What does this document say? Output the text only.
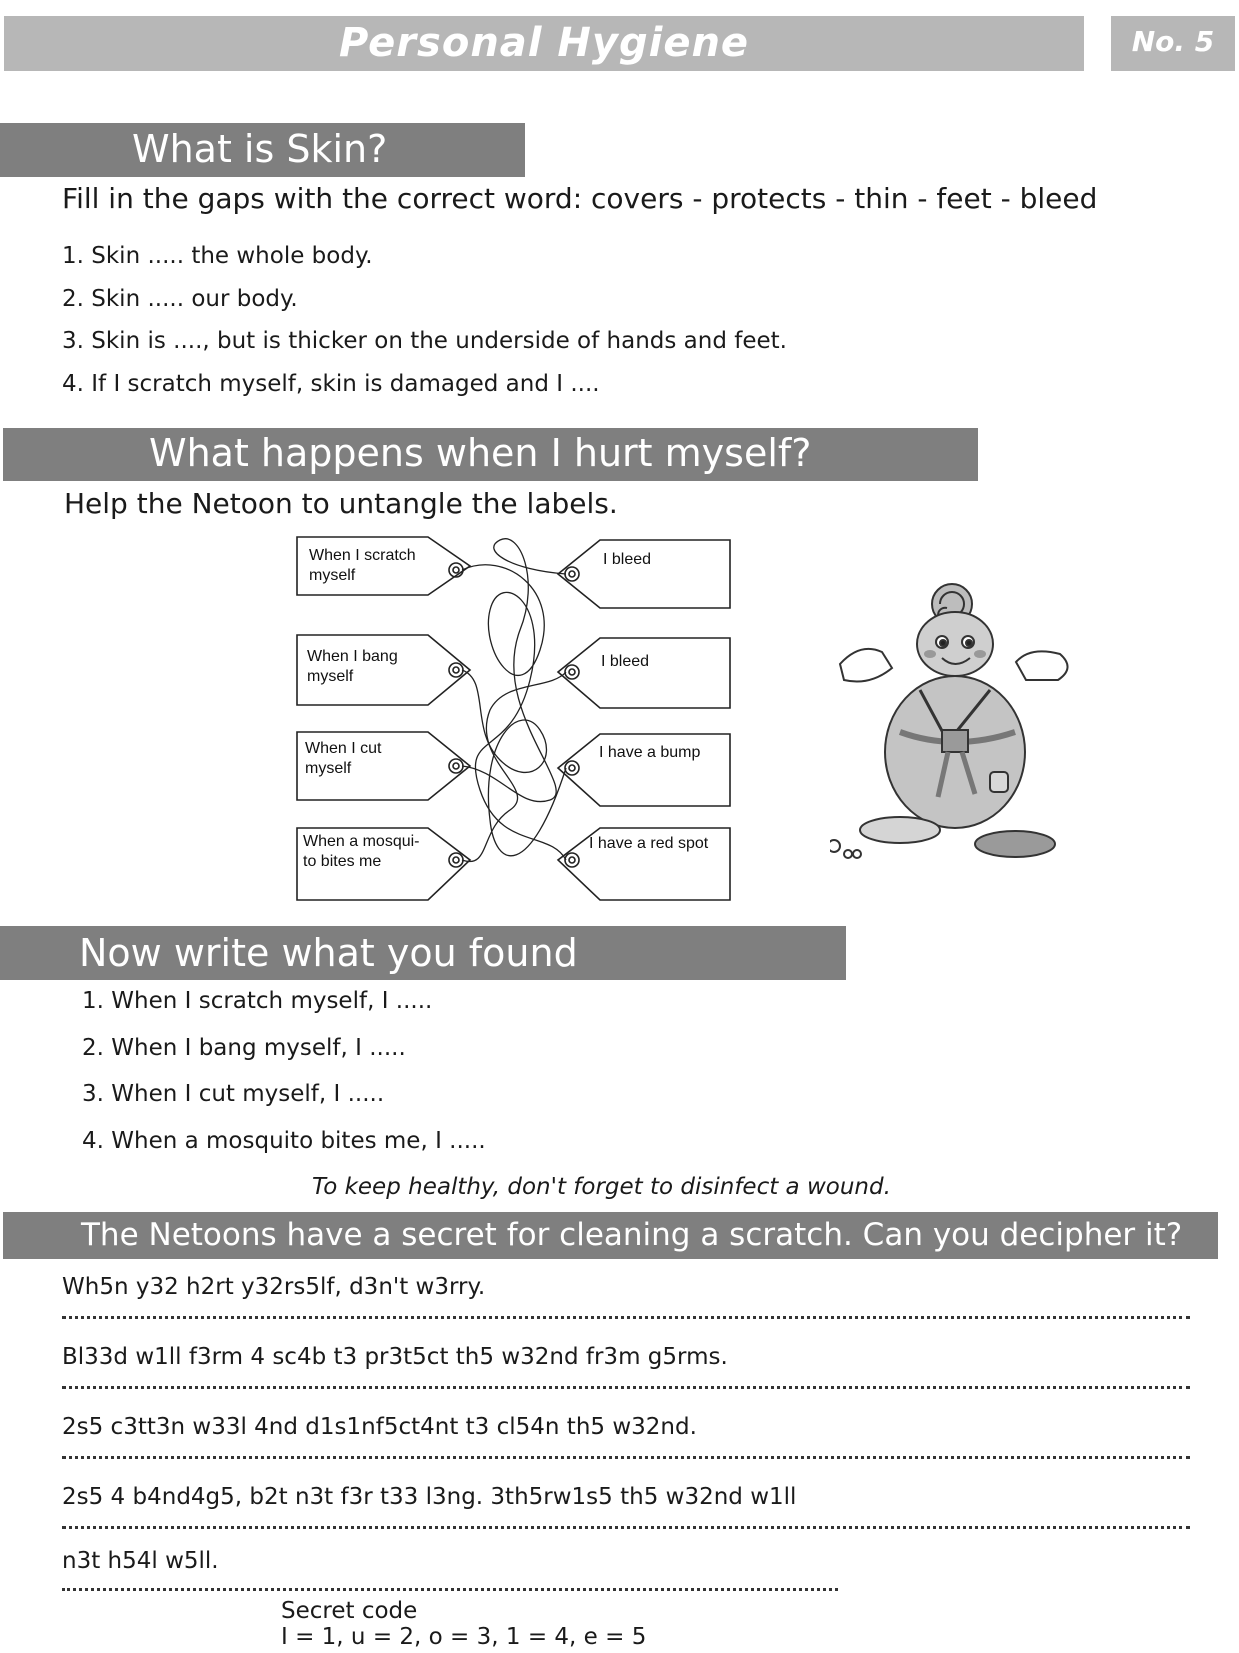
Personal Hygiene	No. 5
What is Skin?
Fill in the gaps with the correct word: covers - protects - thin - feet - bleed
1. Skin ..... the whole body.
2. Skin ..... our body.
3. Skin is ...., but is thicker on the underside of hands and feet.
4. If I scratch myself, skin is damaged and I ....
What happens when I hurt myself?
Help the Netoon to untangle the labels.
When I scratch
myself
When I bang
myself
When I cut
myself
When a mosqui-
to bites me
I bleed
I bleed
I have a bump
I have a red spot
Now write what you found
1. When I scratch myself, I .....
2. When I bang myself, I .....
3. When I cut myself, I .....
4. When a mosquito bites me, I .....
To keep healthy, don't forget to disinfect a wound.
The Netoons have a secret for cleaning a scratch. Can you decipher it?
Wh5n y32 h2rt y32rs5lf, d3n't w3rry.
Bl33d w1ll f3rm 4 sc4b t3 pr3t5ct th5 w32nd fr3m g5rms.
2s5 c3tt3n w33l 4nd d1s1nf5ct4nt t3 cl54n th5 w32nd.
2s5 4 b4nd4g5, b2t n3t f3r t33 l3ng. 3th5rw1s5 th5 w32nd w1ll
n3t h54l w5ll.
Secret code
I = 1, u = 2, o = 3, 1 = 4, e = 5
